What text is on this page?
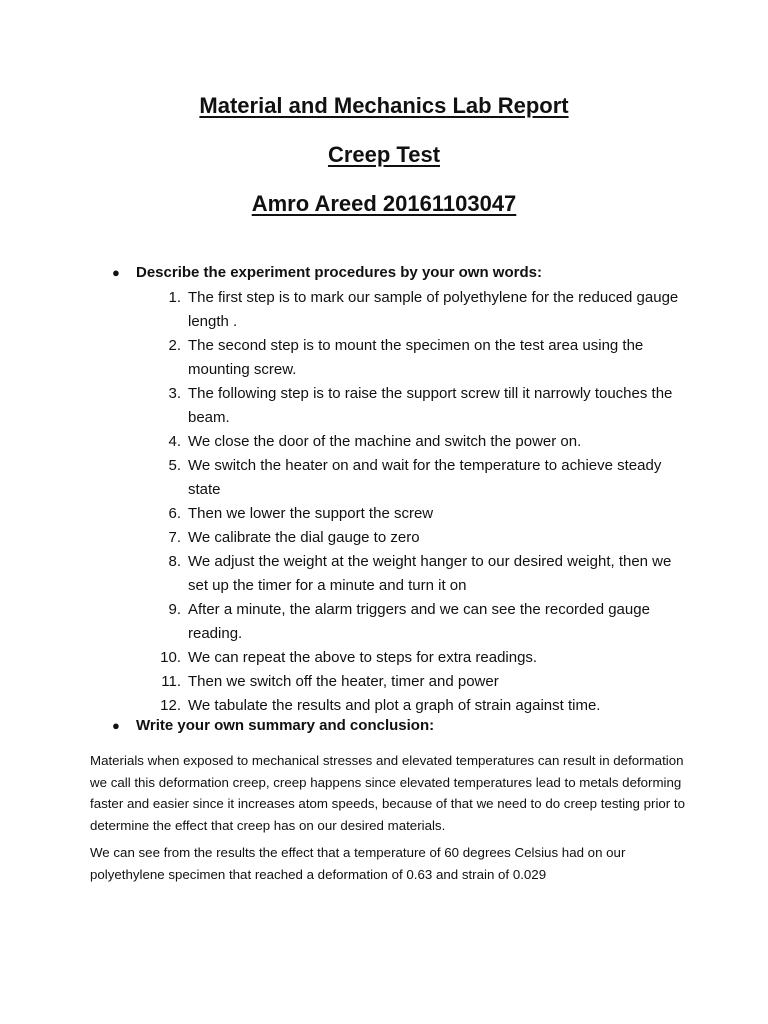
Material and Mechanics Lab Report
Creep Test
Amro Areed 20161103047
●	Describe the experiment procedures by your own words:
1. The first step is to mark our sample of polyethylene for the reduced gauge length .
2. The second step is to mount the specimen on the test area using the mounting screw.
3. The following step is to raise the support screw till it narrowly touches the beam.
4. We close the door of the machine and switch the power on.
5. We switch the heater on and wait for the temperature to achieve steady state
6. Then we lower the support the screw
7. We calibrate the dial gauge to zero
8. We adjust the weight at the weight hanger to our desired weight, then we set up the timer for a minute and turn it on
9. After a minute, the alarm triggers and we can see the recorded gauge reading.
10. We can repeat the above to steps for extra readings.
11. Then we switch off the heater, timer and power
12. We tabulate the results and plot a graph of strain against time.
●	Write your own summary and conclusion:

Materials when exposed to mechanical stresses and elevated temperatures can result in deformation we call this deformation creep, creep happens since elevated temperatures lead to metals deforming faster and easier since it increases atom speeds, because of that we need to do creep testing prior to determine the effect that creep has on our desired materials.

We can see from the results the effect that a temperature of 60 degrees Celsius had on our polyethylene specimen that reached a deformation of 0.63 and strain of 0.029
